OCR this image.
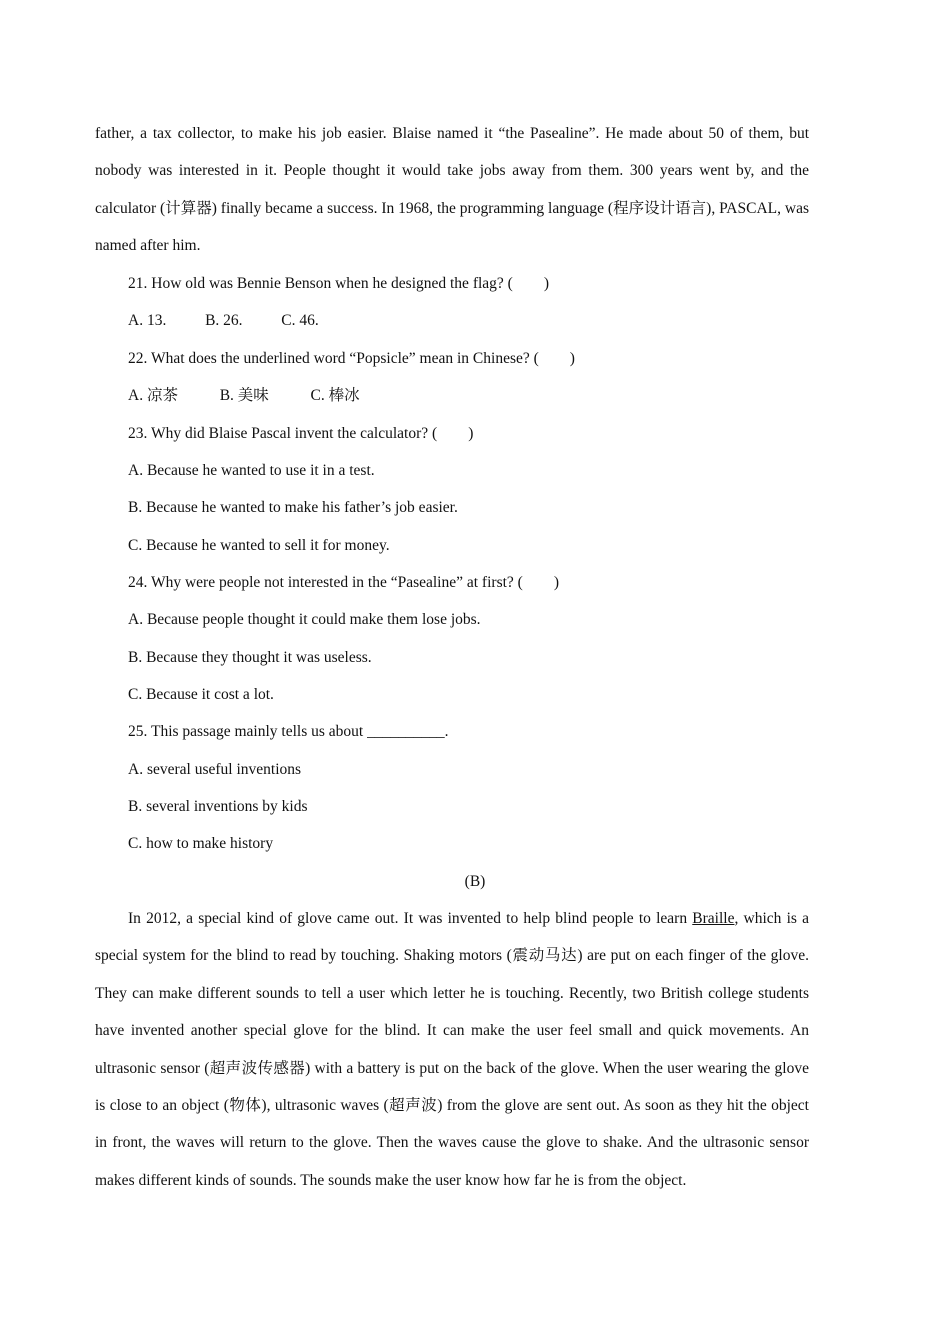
father, a tax collector, to make his job easier. Blaise named it “the Pasealine”. He made about 50 of them, but nobody was interested in it. People thought it would take jobs away from them. 300 years went by, and the calculator (计算器) finally became a success. In 1968, the programming language (程序设计语言), PASCAL, was named after him.

21. How old was Bennie Benson when he designed the flag? (　　)

A. 13.	B. 26.	C. 46.

22. What does the underlined word “Popsicle” mean in Chinese? (　　)

A. 凉茶	B. 美味	C. 棒冰

23. Why did Blaise Pascal invent the calculator? (　　)

A. Because he wanted to use it in a test.

B. Because he wanted to make his father’s job easier.

C. Because he wanted to sell it for money.

24. Why were people not interested in the “Pasealine” at first? (　　)

A. Because people thought it could make them lose jobs.

B. Because they thought it was useless.

C. Because it cost a lot.

25. This passage mainly tells us about __________.

A. several useful inventions

B. several inventions by kids

C. how to make history

(B)

In 2012, a special kind of glove came out. It was invented to help blind people to learn Braille, which is a special system for the blind to read by touching. Shaking motors (震动马达) are put on each finger of the glove. They can make different sounds to tell a user which letter he is touching. Recently, two British college students have invented another special glove for the blind. It can make the user feel small and quick movements. An ultrasonic sensor (超声波传感器) with a battery is put on the back of the glove. When the user wearing the glove is close to an object (物体), ultrasonic waves (超声波) from the glove are sent out. As soon as they hit the object in front, the waves will return to the glove. Then the waves cause the glove to shake. And the ultrasonic sensor makes different kinds of sounds. The sounds make the user know how far he is from the object.
